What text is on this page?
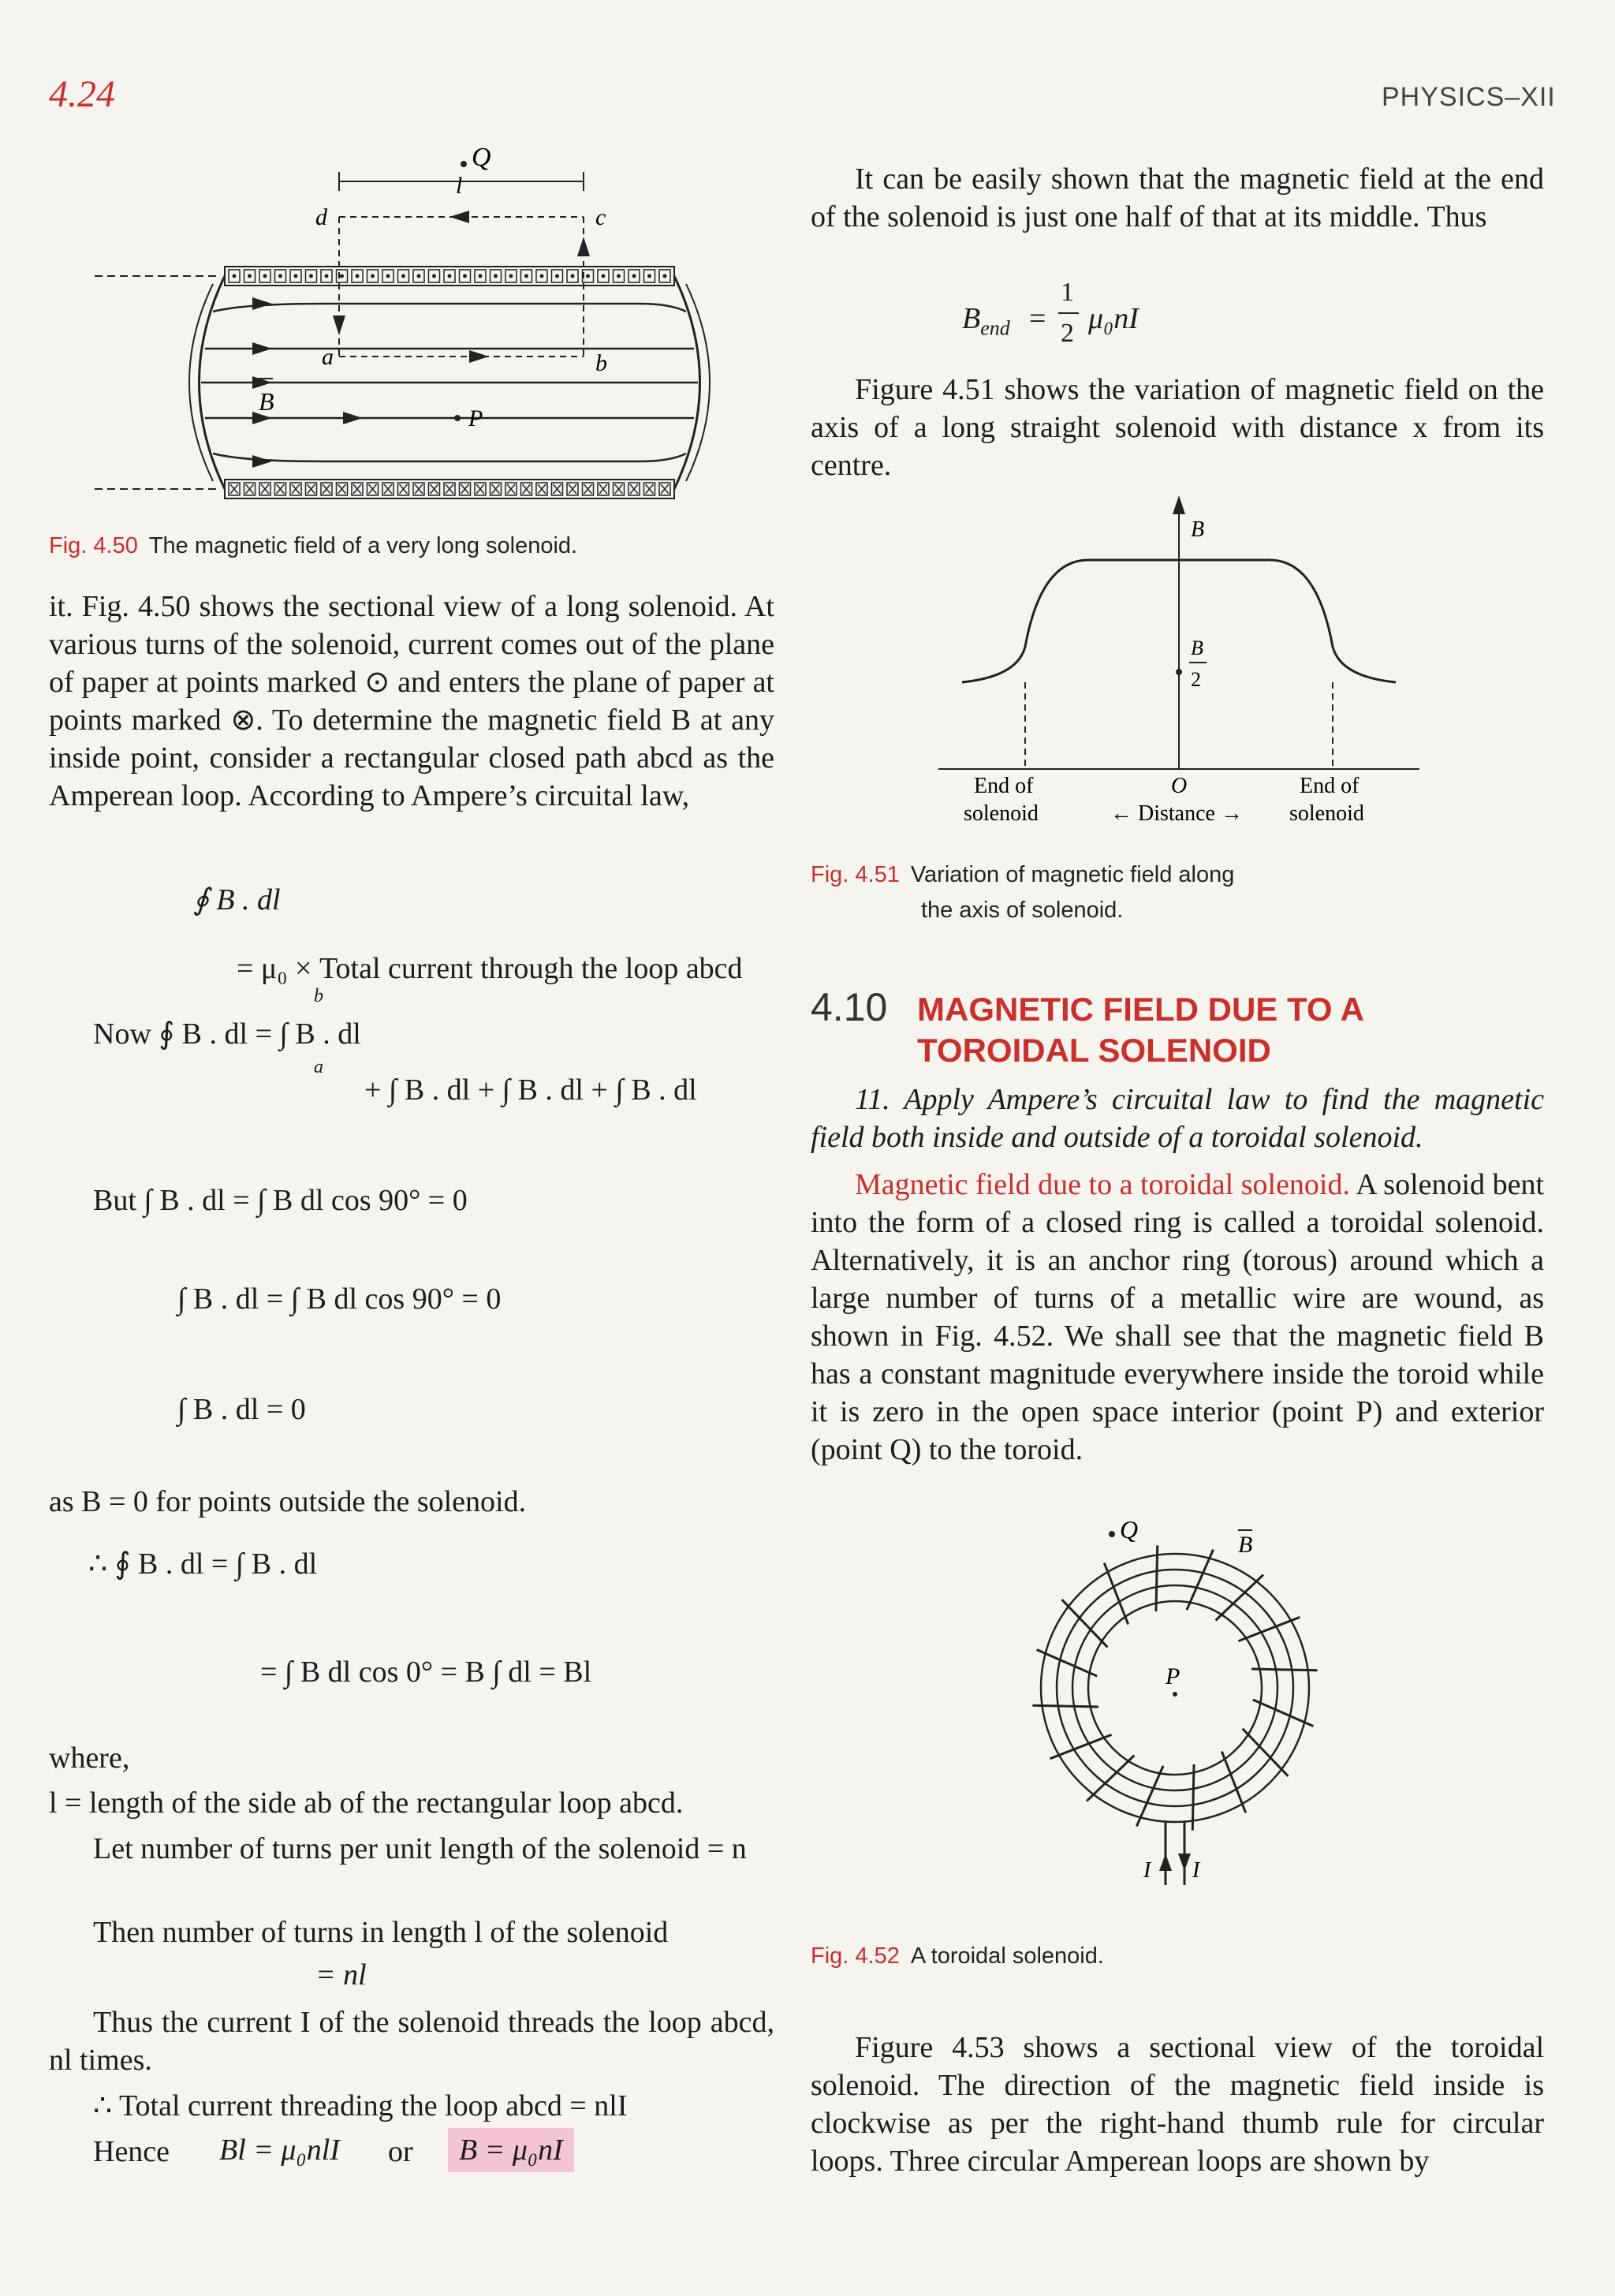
4.24	PHYSICS–XII
Q
l
d	c
a	b
B
P
Fig. 4.50 The magnetic field of a very long solenoid.

it. Fig. 4.50 shows the sectional view of a long solenoid. At various turns of the solenoid, current comes out of the plane of paper at points marked ⊙ and enters the plane of paper at points marked ⊗. To determine the magnetic field B at any inside point, consider a rectangular closed path abcd as the Amperean loop. According to Ampere’s circuital law,

∮ B . dl
= μ₀ × Total current through the loop abcd
Now ∮ B . dl = ∫ B . dl
+ ∫ B . dl + ∫ B . dl + ∫ B . dl
b
a
But ∫ B . dl = ∫ B dl cos 90° = 0
∫ B . dl = ∫ B dl cos 90° = 0
∫ B . dl = 0
as B = 0 for points outside the solenoid.
∴ ∮ B . dl = ∫ B . dl
= ∫ B dl cos 0° = B ∫ dl = Bl
where,
l = length of the side ab of the rectangular loop abcd.
Let number of turns per unit length of the solenoid = n
Then number of turns in length l of the solenoid
= nl
Thus the current I of the solenoid threads the loop abcd, nl times.
∴ Total current threading the loop abcd = nlI
Hence Bl = μ₀nlI or	B = μ₀nI
It can be easily shown that the magnetic field at the end of the solenoid is just one half of that at its middle. Thus
$B_{end}$ =
1
2 μ₀nI
Figure 4.51 shows the variation of magnetic field on the axis of a long straight solenoid with distance x from its centre.
B
B
2
O
End of
solenoid	← Distance →
End of
solenoid
Fig. 4.51 Variation of magnetic field along
the axis of solenoid.
4.10 MAGNETIC FIELD DUE TO A
TOROIDAL SOLENOID
11. Apply Ampere’s circuital law to find the magnetic field both inside and outside of a toroidal solenoid.
Magnetic field due to a toroidal solenoid. A solenoid bent into the form of a closed ring is called a toroidal solenoid. Alternatively, it is an anchor ring (torous) around which a large number of turns of a metallic wire are wound, as shown in Fig. 4.52. We shall see that the magnetic field B has a constant magnitude everywhere inside the toroid while it is zero in the open space interior (point P) and exterior (point Q) to the toroid.
Q
B
P
I I
Fig. 4.52 A toroidal solenoid.
Figure 4.53 shows a sectional view of the toroidal solenoid. The direction of the magnetic field inside is clockwise as per the right-hand thumb rule for circular loops. Three circular Amperean loops are shown by
